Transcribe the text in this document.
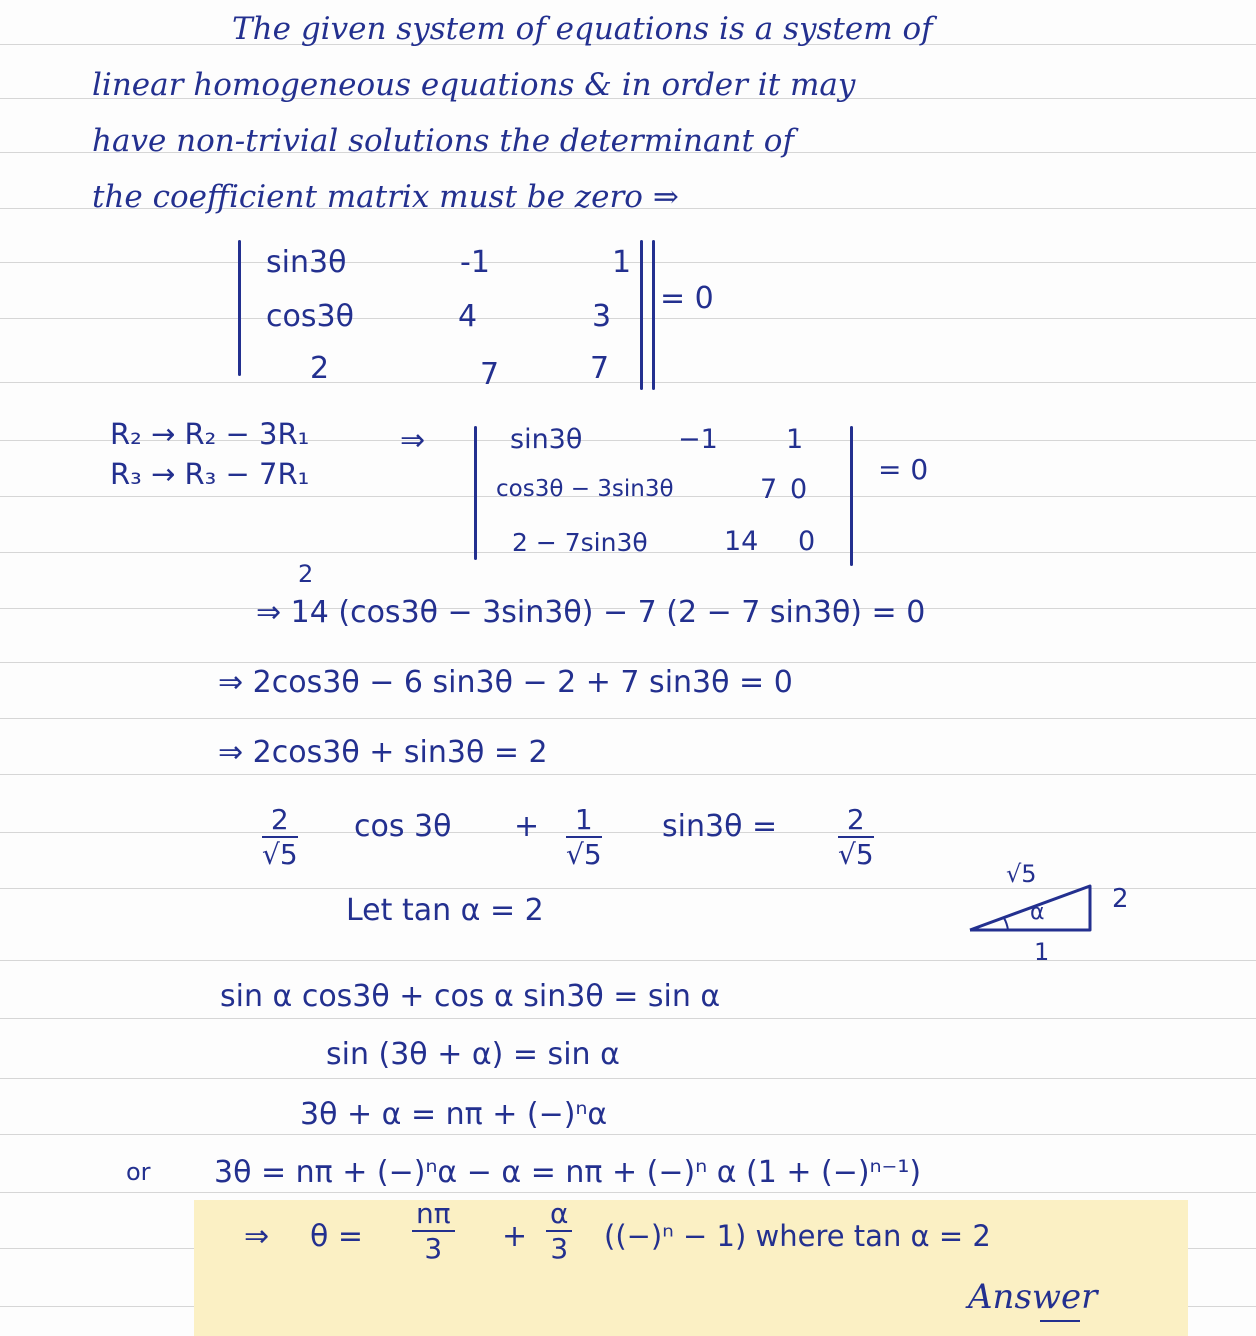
The given system of equations is a system of
linear homogeneous equations & in order it may
have non-trivial solutions the determinant of
the coefficient matrix must be zero ⇒
sin3θ	-1	1
cos3θ	4	3
2	7	7
= 0
R₂ → R₂ − 3R₁
R₃ → R₃ − 7R₁
⇒	sin3θ	−1	1
cos3θ − 3sin3θ	7 0
2 − 7sin3θ	14 0
= 0
2
⇒ 14 (cos3θ − 3sin3θ) − 7 (2 − 7 sin3θ) = 0
⇒ 2cos3θ − 6 sin3θ − 2 + 7 sin3θ = 0
⇒ 2cos3θ + sin3θ = 2
$\frac{2}{√5}$ $\cos 3\theta + \frac{1}{√5} \sin 3\theta = \frac{2}{√5}$
Let tan α = 2
√5
α	2
1
sin α cos3θ + cos α sin3θ = sin α
sin (3θ + α) = sin α
3θ + α = nπ + (−)ⁿα
or 3θ = nπ + (−)ⁿα − α = nπ + (−)ⁿ α (1 + (−)ⁿ⁻¹)
⇒ $\theta = \frac{n\pi}{3} + \frac{\alpha}{3} ((-)^n - 1)$ where tan α = 2
Answer
